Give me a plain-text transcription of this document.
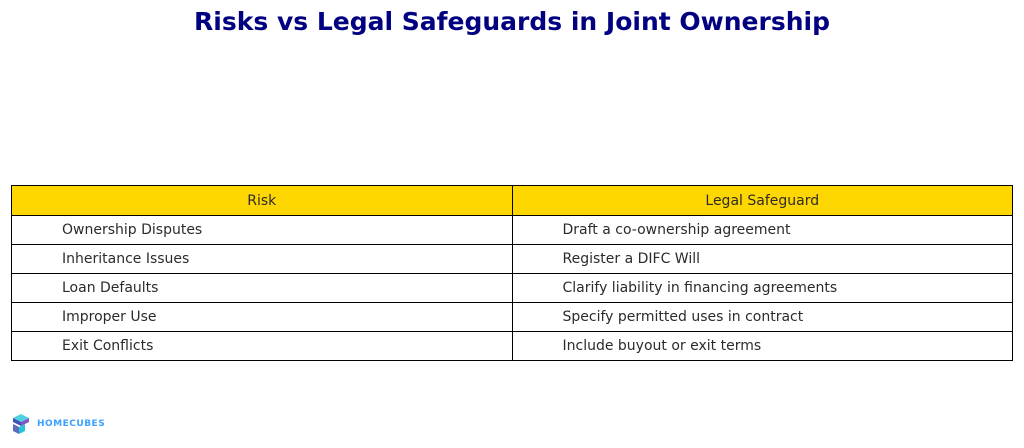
Risks vs Legal Safeguards in Joint Ownership
Risk	Legal Safeguard
Ownership Disputes	Draft a co-ownership agreement
Inheritance Issues	Register a DIFC Will
Loan Defaults	Clarify liability in financing agreements
Improper Use	Specify permitted uses in contract
Exit Conflicts	Include buyout or exit terms
HOMECUBES
